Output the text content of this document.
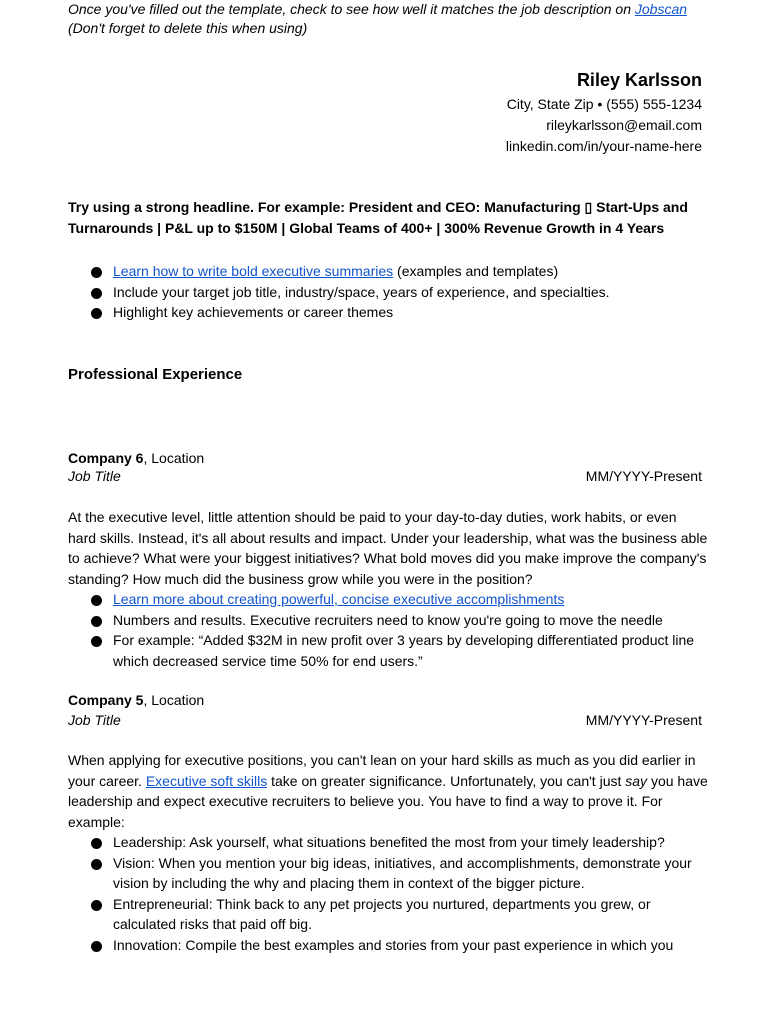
Once you've filled out the template, check to see how well it matches the job description on Jobscan
(Don't forget to delete this when using)
Riley Karlsson
City, State Zip • (555) 555-1234
rileykarlsson@email.com
linkedin.com/in/your-name-here
Try using a strong headline. For example: President and CEO: Manufacturing ▯ Start-Ups and Turnarounds | P&L up to $150M | Global Teams of 400+ | 300% Revenue Growth in 4 Years
Learn how to write bold executive summaries (examples and templates)
Include your target job title, industry/space, years of experience, and specialties.
Highlight key achievements or career themes
Professional Experience
Company 6, Location
Job Title	MM/YYYY-Present
At the executive level, little attention should be paid to your day-to-day duties, work habits, or even hard skills. Instead, it's all about results and impact. Under your leadership, what was the business able to achieve? What were your biggest initiatives? What bold moves did you make improve the company's standing? How much did the business grow while you were in the position?
Learn more about creating powerful, concise executive accomplishments
Numbers and results. Executive recruiters need to know you're going to move the needle
For example: “Added $32M in new profit over 3 years by developing differentiated product line which decreased service time 50% for end users.”
Company 5, Location
Job Title	MM/YYYY-Present
When applying for executive positions, you can't lean on your hard skills as much as you did earlier in your career. Executive soft skills take on greater significance. Unfortunately, you can't just say you have leadership and expect executive recruiters to believe you. You have to find a way to prove it. For example:
Leadership: Ask yourself, what situations benefited the most from your timely leadership?
Vision: When you mention your big ideas, initiatives, and accomplishments, demonstrate your vision by including the why and placing them in context of the bigger picture.
Entrepreneurial: Think back to any pet projects you nurtured, departments you grew, or calculated risks that paid off big.
Innovation: Compile the best examples and stories from your past experience in which you
